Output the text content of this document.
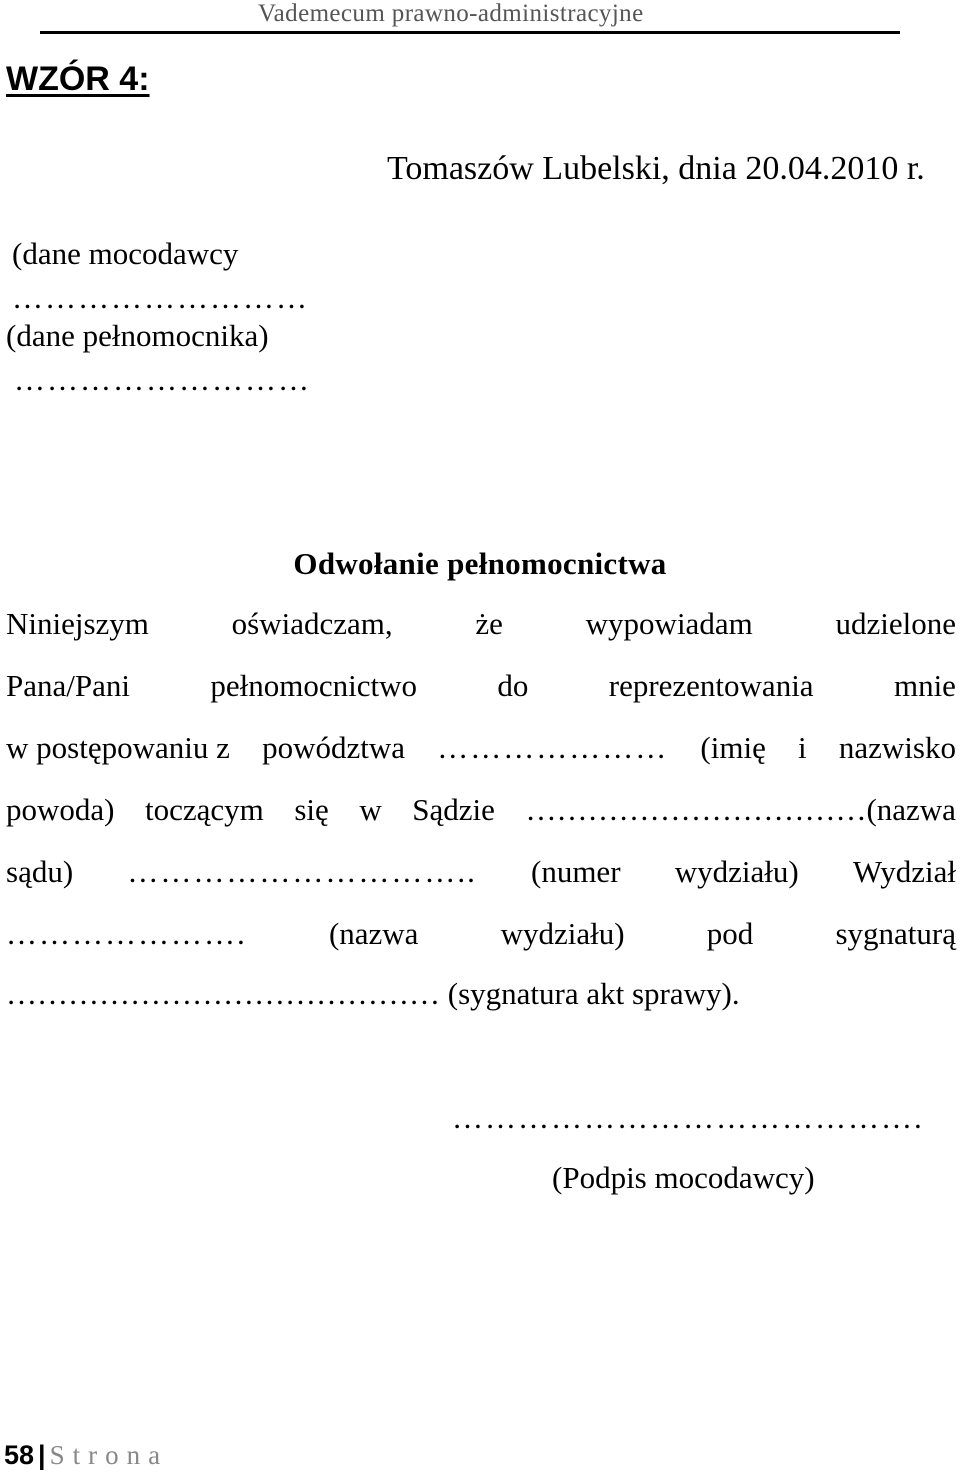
Vademecum prawno-administracyjne
WZÓR 4:
Tomaszów Lubelski, dnia 20.04.2010 r.
(dane mocodawcy
………………………
(dane pełnomocnika)
………………………
Odwołanie pełnomocnictwa
Niniejszym	oświadczam,	że	wypowiadam	udzielone
Pana/Pani	pełnomocnictwo	do	reprezentowania	mnie
w postępowaniu z powództwa ………………… (imię i nazwisko
powoda) toczącym się w Sądzie ……………………………(nazwa
sądu) ………………………….. (numer wydziału) Wydział
………………….	(nazwa	wydziału)	pod	sygnaturą
…………………………………… (sygnatura akt sprawy).
…………………………………….
(Podpis mocodawcy)
58 | Strona
